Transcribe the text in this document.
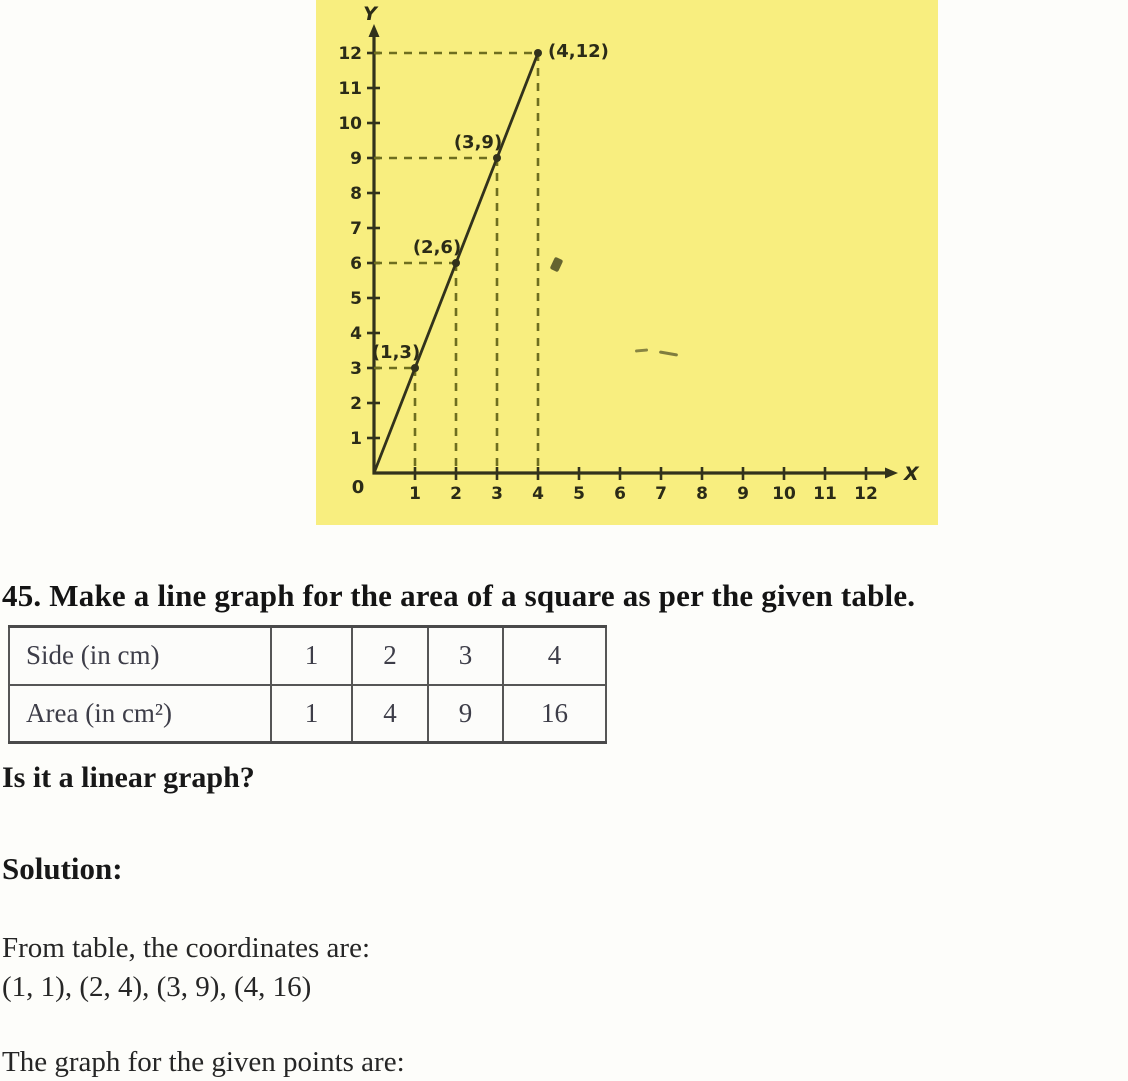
Y
X
0	1 2 3 4 5 6 7 8 9 10 11 12
1
2
3
4
5
6
7
8
9
10
11
12
(1,3)
(2,6)
(3,9)
(4,12)
45. Make a line graph for the area of a square as per the given table.
Side (in cm)	1	2	3	4
Area (in cm²)	1	4	9	16
Is it a linear graph?
Solution:
From table, the coordinates are:
(1, 1), (2, 4), (3, 9), (4, 16)
The graph for the given points are:
